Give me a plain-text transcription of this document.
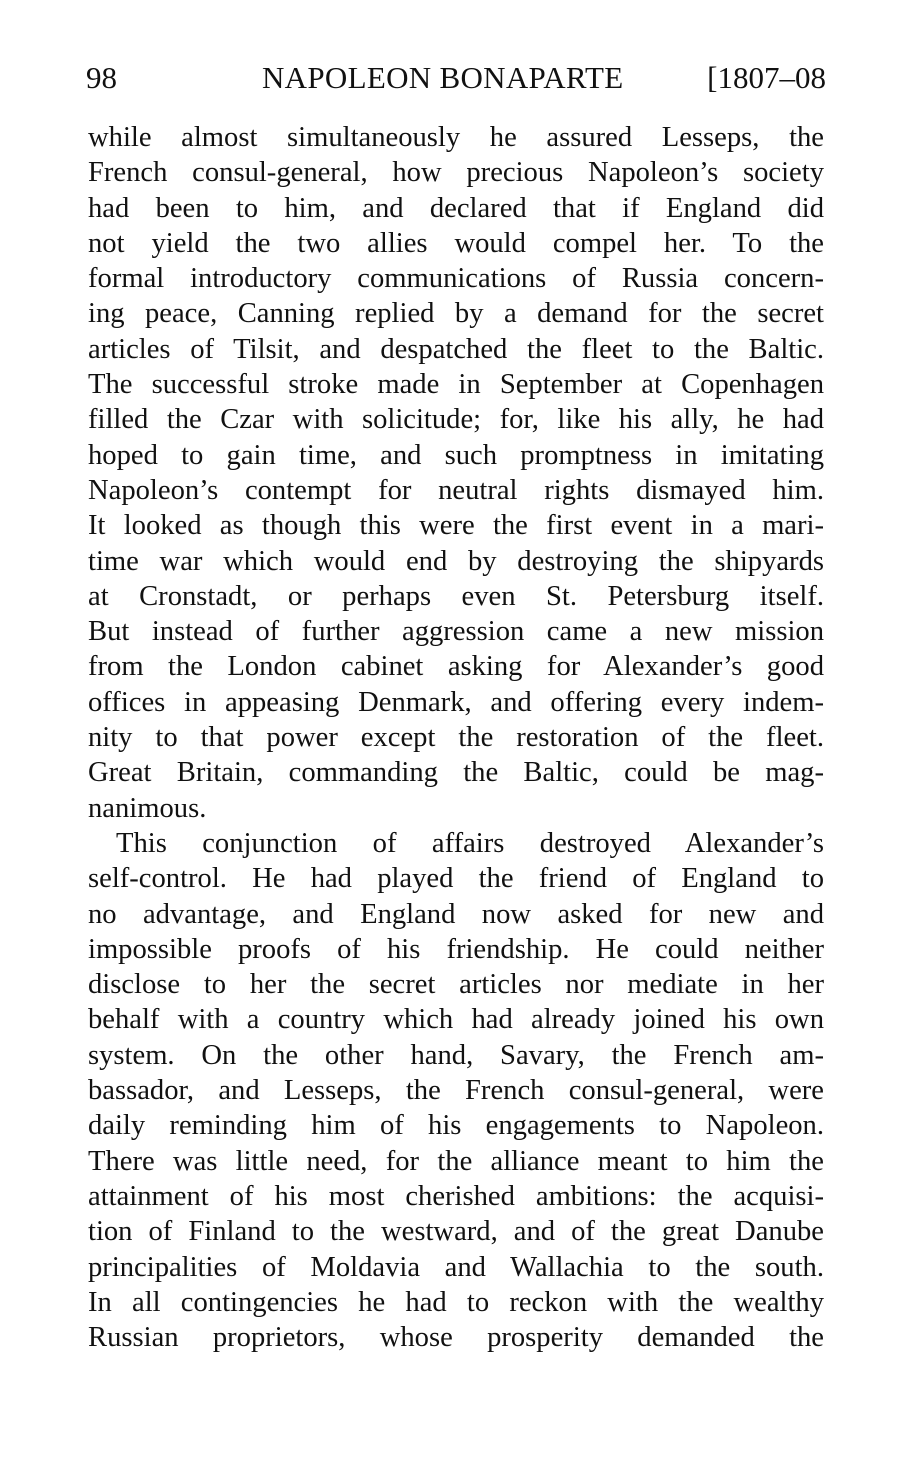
98	NAPOLEON BONAPARTE	[1807–08
while almost simultaneously he assured Lesseps, the
French consul-general, how precious Napoleon’s society
had been to him, and declared that if England did
not yield the two allies would compel her. To the
formal introductory communications of Russia concern-
ing peace, Canning replied by a demand for the secret
articles of Tilsit, and despatched the fleet to the Baltic.
The successful stroke made in September at Copenhagen
filled the Czar with solicitude; for, like his ally, he had
hoped to gain time, and such promptness in imitating
Napoleon’s contempt for neutral rights dismayed him.
It looked as though this were the first event in a mari-
time war which would end by destroying the shipyards
at Cronstadt, or perhaps even St. Petersburg itself.
But instead of further aggression came a new mission
from the London cabinet asking for Alexander’s good
offices in appeasing Denmark, and offering every indem-
nity to that power except the restoration of the fleet.
Great Britain, commanding the Baltic, could be mag-
nanimous.
This conjunction of affairs destroyed Alexander’s
self-control. He had played the friend of England to
no advantage, and England now asked for new and
impossible proofs of his friendship. He could neither
disclose to her the secret articles nor mediate in her
behalf with a country which had already joined his own
system. On the other hand, Savary, the French am-
bassador, and Lesseps, the French consul-general, were
daily reminding him of his engagements to Napoleon.
There was little need, for the alliance meant to him the
attainment of his most cherished ambitions: the acquisi-
tion of Finland to the westward, and of the great Danube
principalities of Moldavia and Wallachia to the south.
In all contingencies he had to reckon with the wealthy
Russian proprietors, whose prosperity demanded the
